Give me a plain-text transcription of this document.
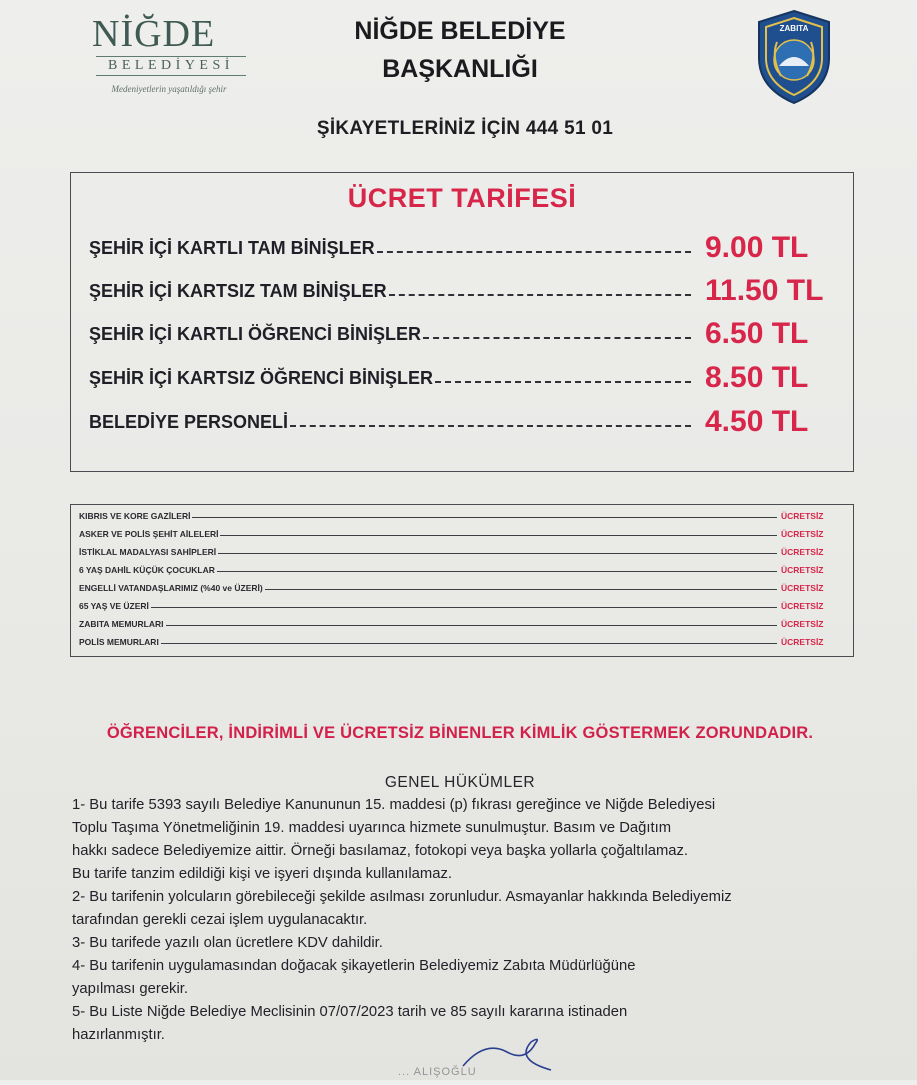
NİĞDE
BELEDİYESİ
Medeniyetlerin yaşatıldığı şehir
NİĞDE BELEDİYE
BAŞKANLIĞI
ZABITA
ŞİKAYETLERİNİZ İÇİN 444 51 01
ÜCRET TARİFESİ
ŞEHİR İÇİ KARTLI TAM BİNİŞLER	9.00 TL
ŞEHİR İÇİ KARTSIZ TAM BİNİŞLER	11.50 TL
ŞEHİR İÇİ KARTLI ÖĞRENCİ BİNİŞLER	6.50 TL
ŞEHİR İÇİ KARTSIZ ÖĞRENCİ BİNİŞLER	8.50 TL
BELEDİYE PERSONELİ	4.50 TL
KIBRIS VE KORE GAZİLERİ	ÜCRETSİZ
ASKER VE POLİS ŞEHİT AİLELERİ	ÜCRETSİZ
İSTİKLAL MADALYASI SAHİPLERİ	ÜCRETSİZ
6 YAŞ DAHİL KÜÇÜK ÇOCUKLAR	ÜCRETSİZ
ENGELLİ VATANDAŞLARIMIZ (%40 ve ÜZERİ)	ÜCRETSİZ
65 YAŞ VE ÜZERİ	ÜCRETSİZ
ZABITA MEMURLARI	ÜCRETSİZ
POLİS MEMURLARI	ÜCRETSİZ
ÖĞRENCİLER, İNDİRİMLİ VE ÜCRETSİZ BİNENLER KİMLİK GÖSTERMEK ZORUNDADIR.
GENEL HÜKÜMLER
1- Bu tarife 5393 sayılı Belediye Kanununun 15. maddesi (p) fıkrası gereğince ve Niğde Belediyesi
Toplu Taşıma Yönetmeliğinin 19. maddesi uyarınca hizmete sunulmuştur. Basım ve Dağıtım
hakkı sadece Belediyemize aittir. Örneği basılamaz, fotokopi veya başka yollarla çoğaltılamaz.
Bu tarife tanzim edildiği kişi ve işyeri dışında kullanılamaz.
2- Bu tarifenin yolcuların görebileceği şekilde asılması zorunludur. Asmayanlar hakkında Belediyemiz
tarafından gerekli cezai işlem uygulanacaktır.
3- Bu tarifede yazılı olan ücretlere KDV dahildir.
4- Bu tarifenin uygulamasından doğacak şikayetlerin Belediyemiz Zabıta Müdürlüğüne
yapılması gerekir.
5- Bu Liste Niğde Belediye Meclisinin 07/07/2023 tarih ve 85 sayılı kararına istinaden
hazırlanmıştır.
... ALIŞOĞLU
